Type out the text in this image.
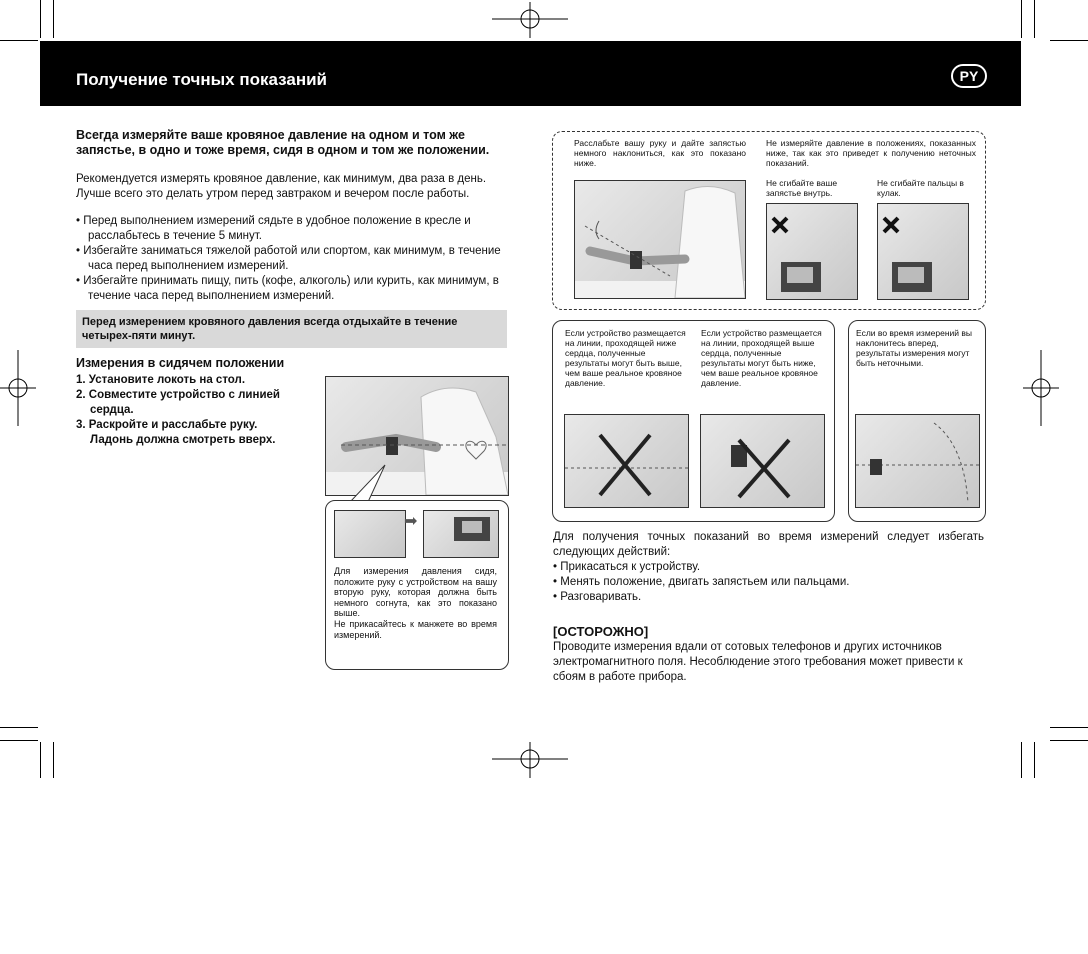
Получение точных показаний	PY
Всегда измеряйте ваше кровяное давление на одном и том же запястье, в одно и тоже время, сидя в одном и том же положении.
Рекомендуется измерять кровяное давление, как минимум, два раза в день. Лучше всего это делать утром перед завтраком и вечером после работы.
• Перед выполнением измерений сядьте в удобное положение в кресле и расслабьтесь в течение 5 минут.
• Избегайте заниматься тяжелой работой или спортом, как минимум, в течение часа перед выполнением измерений.
• Избегайте принимать пищу, пить (кофе, алкоголь) или курить, как минимум, в течение часа перед выполнением измерений.
Перед измерением кровяного давления всегда отдыхайте в течение четырех-пяти минут.
Измерения в сидячем положении
1. Установите локоть на стол.
2. Совместите устройство с линией
сердца.
3. Раскройте и расслабьте руку.
Ладонь должна смотреть вверх.
➡
Для измерения давления сидя, положите руку с устройством на вашу вторую руку, которая должна быть немного согнута, как это показано выше.
Не прикасайтесь к манжете во время измерений.
Расслабьте вашу руку и дайте запястью немного наклониться, как это показано ниже.
Не измеряйте давление в положениях, показанных ниже, так как это приведет к получению неточных показаний.
Не сгибайте ваше запястье внутрь.
Не сгибайте пальцы в кулак.
Если устройство размещается на линии, проходящей ниже сердца, полученные результаты могут быть выше, чем ваше реальное кровяное давление.
Если устройство размещается на линии, проходящей выше сердца, полученные результаты могут быть ниже, чем ваше реальное кровяное давление.
Если во время измерений вы наклонитесь вперед, результаты измерения могут быть неточными.
Для получения точных показаний во время измерений следует избегать следующих действий:
• Прикасаться к устройству.
• Менять положение, двигать запястьем или пальцами.
• Разговаривать.
[ОСТОРОЖНО]
Проводите измерения вдали от сотовых телефонов и других источников электромагнитного поля. Несоблюдение этого требования может привести к сбоям в работе прибора.
